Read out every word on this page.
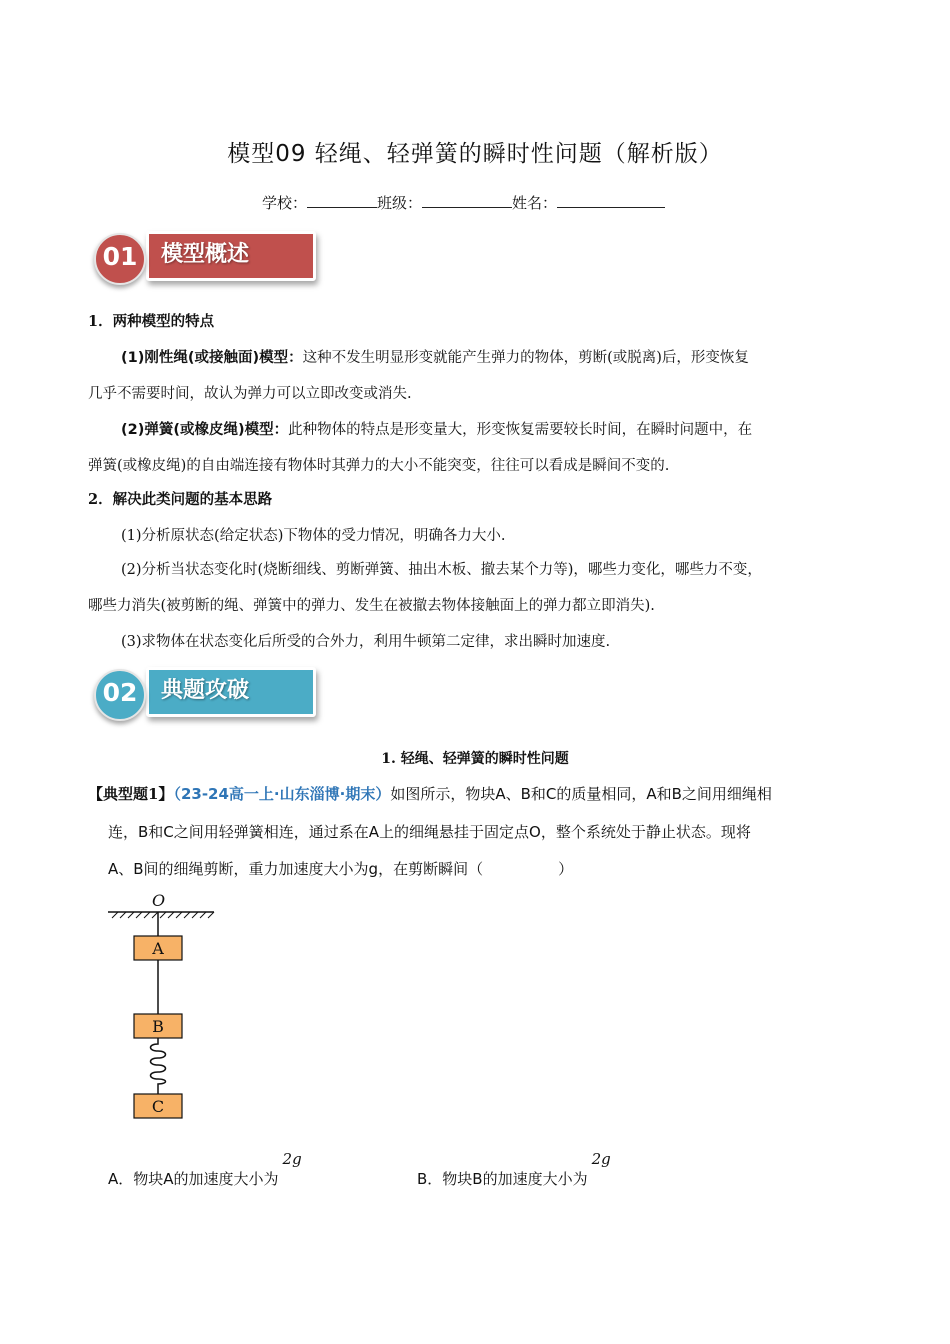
模型09 轻绳、轻弹簧的瞬时性问题（解析版）
学校：	班级：	姓名：
模型概述
01
1．两种模型的特点
(1)刚性绳(或接触面)模型：这种不发生明显形变就能产生弹力的物体，剪断(或脱离)后，形变恢复
几乎不需要时间，故认为弹力可以立即改变或消失.
(2)弹簧(或橡皮绳)模型：此种物体的特点是形变量大，形变恢复需要较长时间，在瞬时问题中，在
弹簧(或橡皮绳)的自由端连接有物体时其弹力的大小不能突变，往往可以看成是瞬间不变的.
2．解决此类问题的基本思路
(1)分析原状态(给定状态)下物体的受力情况，明确各力大小.
(2)分析当状态变化时(烧断细线、剪断弹簧、抽出木板、撤去某个力等)，哪些力变化，哪些力不变，
哪些力消失(被剪断的绳、弹簧中的弹力、发生在被撤去物体接触面上的弹力都立即消失).
(3)求物体在状态变化后所受的合外力，利用牛顿第二定律，求出瞬时加速度.
典题攻破
02
1. 轻绳、轻弹簧的瞬时性问题
【典型题1】（23-24高一上·山东淄博·期末）如图所示，物块A、B和C的质量相同，A和B之间用细绳相
连，B和C之间用轻弹簧相连，通过系在A上的细绳悬挂于固定点O，整个系统处于静止状态。现将
A、B间的细绳剪断，重力加速度大小为g，在剪断瞬间（　　　　　）
O
A
B
C
A．物块A的加速度大小为2g
B．物块B的加速度大小为2g
